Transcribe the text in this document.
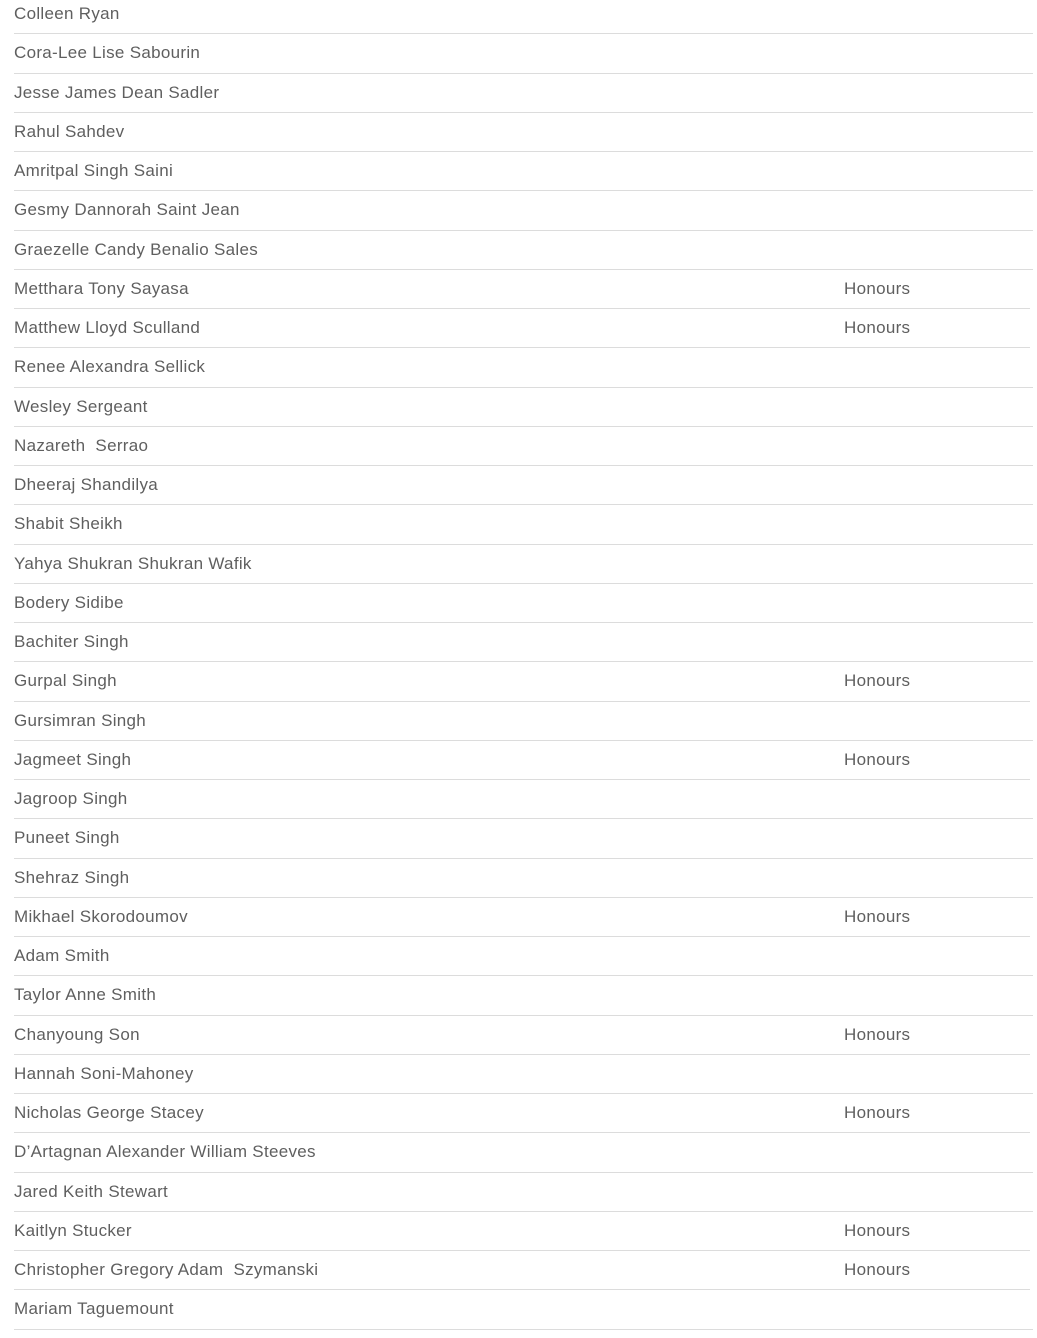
Colleen Ryan
Cora-Lee Lise Sabourin
Jesse James Dean Sadler
Rahul Sahdev
Amritpal Singh Saini
Gesmy Dannorah Saint Jean
Graezelle Candy Benalio Sales
Metthara Tony Sayasa	Honours
Matthew Lloyd Sculland	Honours
Renee Alexandra Sellick
Wesley Sergeant
Nazareth  Serrao
Dheeraj Shandilya
Shabit Sheikh
Yahya Shukran Shukran Wafik
Bodery Sidibe
Bachiter Singh
Gurpal Singh	Honours
Gursimran Singh
Jagmeet Singh	Honours
Jagroop Singh
Puneet Singh
Shehraz Singh
Mikhael Skorodoumov	Honours
Adam Smith
Taylor Anne Smith
Chanyoung Son	Honours
Hannah Soni-Mahoney
Nicholas George Stacey	Honours
D’Artagnan Alexander William Steeves
Jared Keith Stewart
Kaitlyn Stucker	Honours
Christopher Gregory Adam  Szymanski	Honours
Mariam Taguemount
